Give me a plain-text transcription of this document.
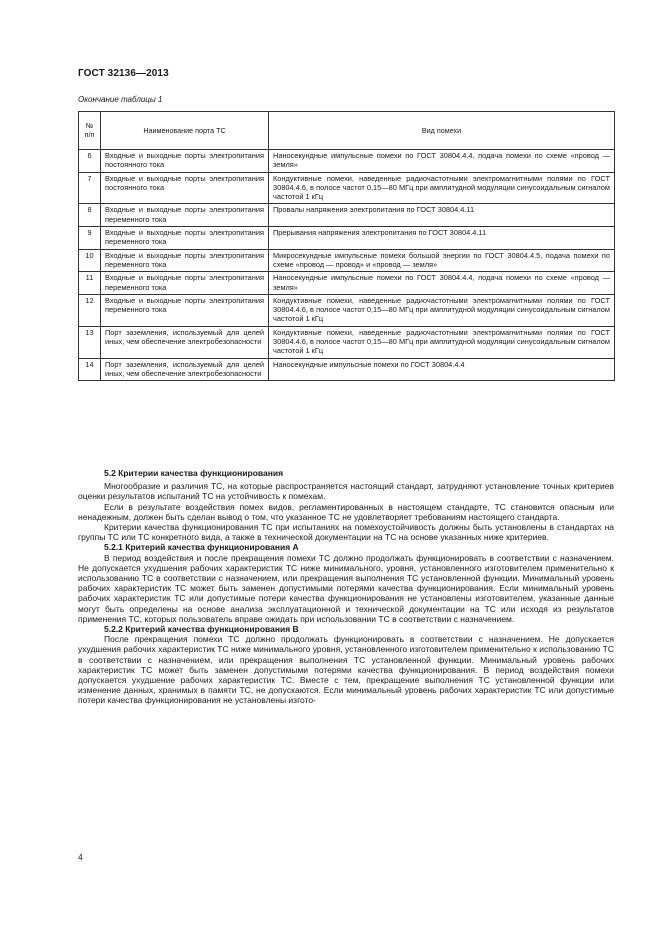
ГОСТ 32136—2013
Окончание таблицы 1
№
п/п	Наименование порта ТС	Вид помехи
6	Входные и выходные порты электропитания постоянного тока	Наносекундные импульсные помехи по ГОСТ 30804.4.4, подача помехи по схеме «провод — земля»
7	Входные и выходные порты электропитания постоянного тока	Кондуктивные помехи, наведенные радиочастотными электромагнитными полями по ГОСТ 30804.4.6, в полосе частот 0,15—80 МГц при амплитудной модуляции синусоидальным сигналом частотой 1 кГц
8	Входные и выходные порты электропитания переменного тока	Провалы напряжения электропитания по ГОСТ 30804.4.11
9	Входные и выходные порты электропитания переменного тока	Прерывания напряжения электропитания по ГОСТ 30804.4.11
10	Входные и выходные порты электропитания переменного тока	Микросекундные импульсные помехи большой энергии по ГОСТ 30804.4.5, подача помехи по схеме «провод — провод» и «провод — земля»
11	Входные и выходные порты электропитания переменного тока	Наносекундные импульсные помехи по ГОСТ 30804.4.4, подача помехи по схеме «провод — земля»
12	Входные и выходные порты электропитания переменного тока	Кондуктивные помехи, наведенные радиочастотными электромагнитными полями по ГОСТ 30804.4.6, в полосе частот 0,15—80 МГц при амплитудной модуляции синусоидальным сигналом частотой 1 кГц
13	Порт заземления, используемый для целей иных, чем обеспечение электробезопасности	Кондуктивные помехи, наведенные радиочастотными электромагнитными полями по ГОСТ 30804.4.6, в полосе частот 0,15—80 МГц при амплитудной модуляции синусоидальным сигналом частотой 1 кГц
14	Порт заземления, используемый для целей иных, чем обеспечение электробезопасности	Наносекундные импульсные помехи по ГОСТ 30804.4.4

5.2 Критерии качества функционирования

Многообразие и различия ТС, на которые распространяется настоящий стандарт, затрудняют установление точных критериев оценки результатов испытаний ТС на устойчивость к помехам.

Если в результате воздействия помех видов, регламентированных в настоящем стандарте, ТС становится опасным или ненадежным, должен быть сделан вывод о том, что указанное ТС не удовлетворяет требованиям настоящего стандарта.

Критерии качества функционирования ТС при испытаниях на помехоустойчивость должны быть установлены в стандартах на группы ТС или ТС конкретного вида, а также в технической документации на ТС на основе указанных ниже критериев.

5.2.1 Критерий качества функционирования А

В период воздействия и после прекращения помехи ТС должно продолжать функционировать в соответствии с назначением. Не допускается ухудшения рабочих характеристик ТС ниже минимального, уровня, установленного изготовителем применительно к использованию ТС в соответствии с назначением, или прекращения выполнения ТС установленной функции. Минимальный уровень рабочих характеристик ТС может быть заменен допустимыми потерями качества функционирования. Если минимальный уровень рабочих характеристик ТС или допустимые потери качества функционирования не установлены изготовителем, указанные данные могут быть определены на основе анализа эксплуатационной и технической документации на ТС или исходя из результатов применения ТС, которых пользователь вправе ожидать при использовании ТС в соответствии с назначением.

5.2.2 Критерий качества функционирования В

После прекращения помехи ТС должно продолжать функционировать в соответствии с назначением. Не допускается ухудшения рабочих характеристик ТС ниже минимального уровня, установленного изготовителем применительно к использованию ТС в соответствии с назначением, или прекращения выполнения ТС установленной функции. Минимальный уровень рабочих характеристик ТС может быть заменен допустимыми потерями качества функционирования. В период воздействия помехи допускается ухудшение рабочих характеристик ТС. Вместе с тем, прекращение выполнения ТС установленной функции или изменение данных, хранимых в памяти ТС, не допускаются. Если минимальный уровень рабочих характеристик ТС или допустимые потери качества функционирования не установлены изгото-

4
